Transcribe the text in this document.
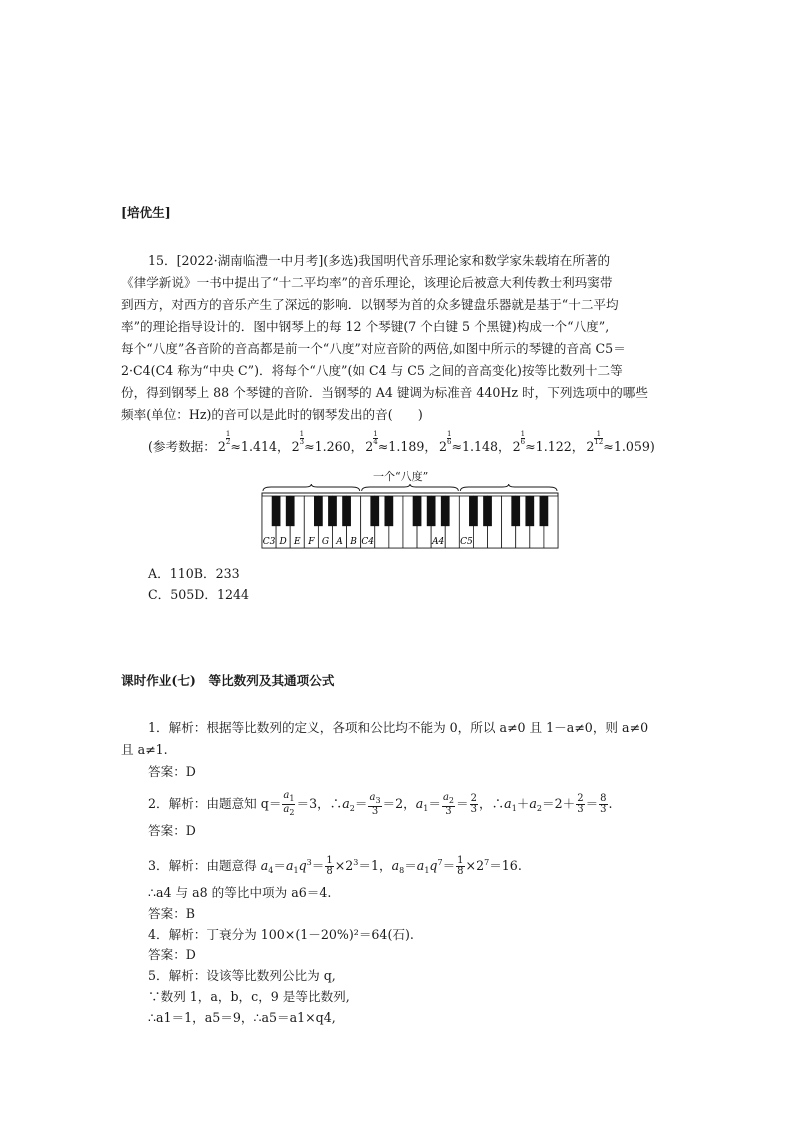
[培优生]
15．[2022·湖南临澧一中月考](多选)我国明代音乐理论家和数学家朱载堉在所著的
《律学新说》一书中提出了“十二平均率”的音乐理论，该理论后被意大利传教士利玛窦带
到西方，对西方的音乐产生了深远的影响．以钢琴为首的众多键盘乐器就是基于“十二平均
率”的理论指导设计的．图中钢琴上的每 12 个琴键(7 个白键 5 个黑键)构成一个“八度”,
每个“八度”各音阶的音高都是前一个“八度”对应音阶的两倍,如图中所示的琴键的音高 C5＝
2·C4(C4 称为“中央 C”)．将每个“八度”(如 C4 与 C5 之间的音高变化)按等比数列十二等
份，得到钢琴上 88 个琴键的音阶．当钢琴的 A4 键调为标准音 440Hz 时，下列选项中的哪些
频率(单位：Hz)的音可以是此时的钢琴发出的音(　　)
(参考数据： 2
$\frac{1}{2}$
≈1.414， 2
$\frac{1}{3}$
≈1.260， 2
$\frac{1}{4}$
≈1.189， 2
$\frac{1}{6}$
≈1.148， 2
$\frac{1}{6}$
≈1.122， 2
$\frac{1}{12}$
≈1.059)
一个“八度”
C3 D E F G A B C4	A4 C5
A．110B．233
C．505D．1244
课时作业(七)　等比数列及其通项公式
1．解析：根据等比数列的定义，各项和公比均不能为 0，所以 a≠0 且 1－a≠0，则 a≠0
且 a≠1.
答案：D
2．解析：由题意知 $q= \frac{a_1}{a_2} =3$，$\therefore a_2= \frac{a_3}{3} =2$，$a_1= \frac{a_2}{3} = \frac{2}{3}$ ，$\therefore a_1+a_2=2+ \frac{2}{3} = \frac{8}{3}$ .
答案：D
3．解析：由题意得 $a_4=a_1q^3= \frac{1}{8} \times 2^3=1$，$a_8=a_1q^7= \frac{1}{8} \times 2^7=16$.
∴a4 与 a8 的等比中项为 a6＝4.
答案：B
4．解析：丁衰分为 100×(1－20%)²＝64(石).
答案：D
5．解析：设该等比数列公比为 q,
∵数列 1，a，b，c，9 是等比数列,
∴a1＝1，a5＝9，∴a5＝a1×q4,
